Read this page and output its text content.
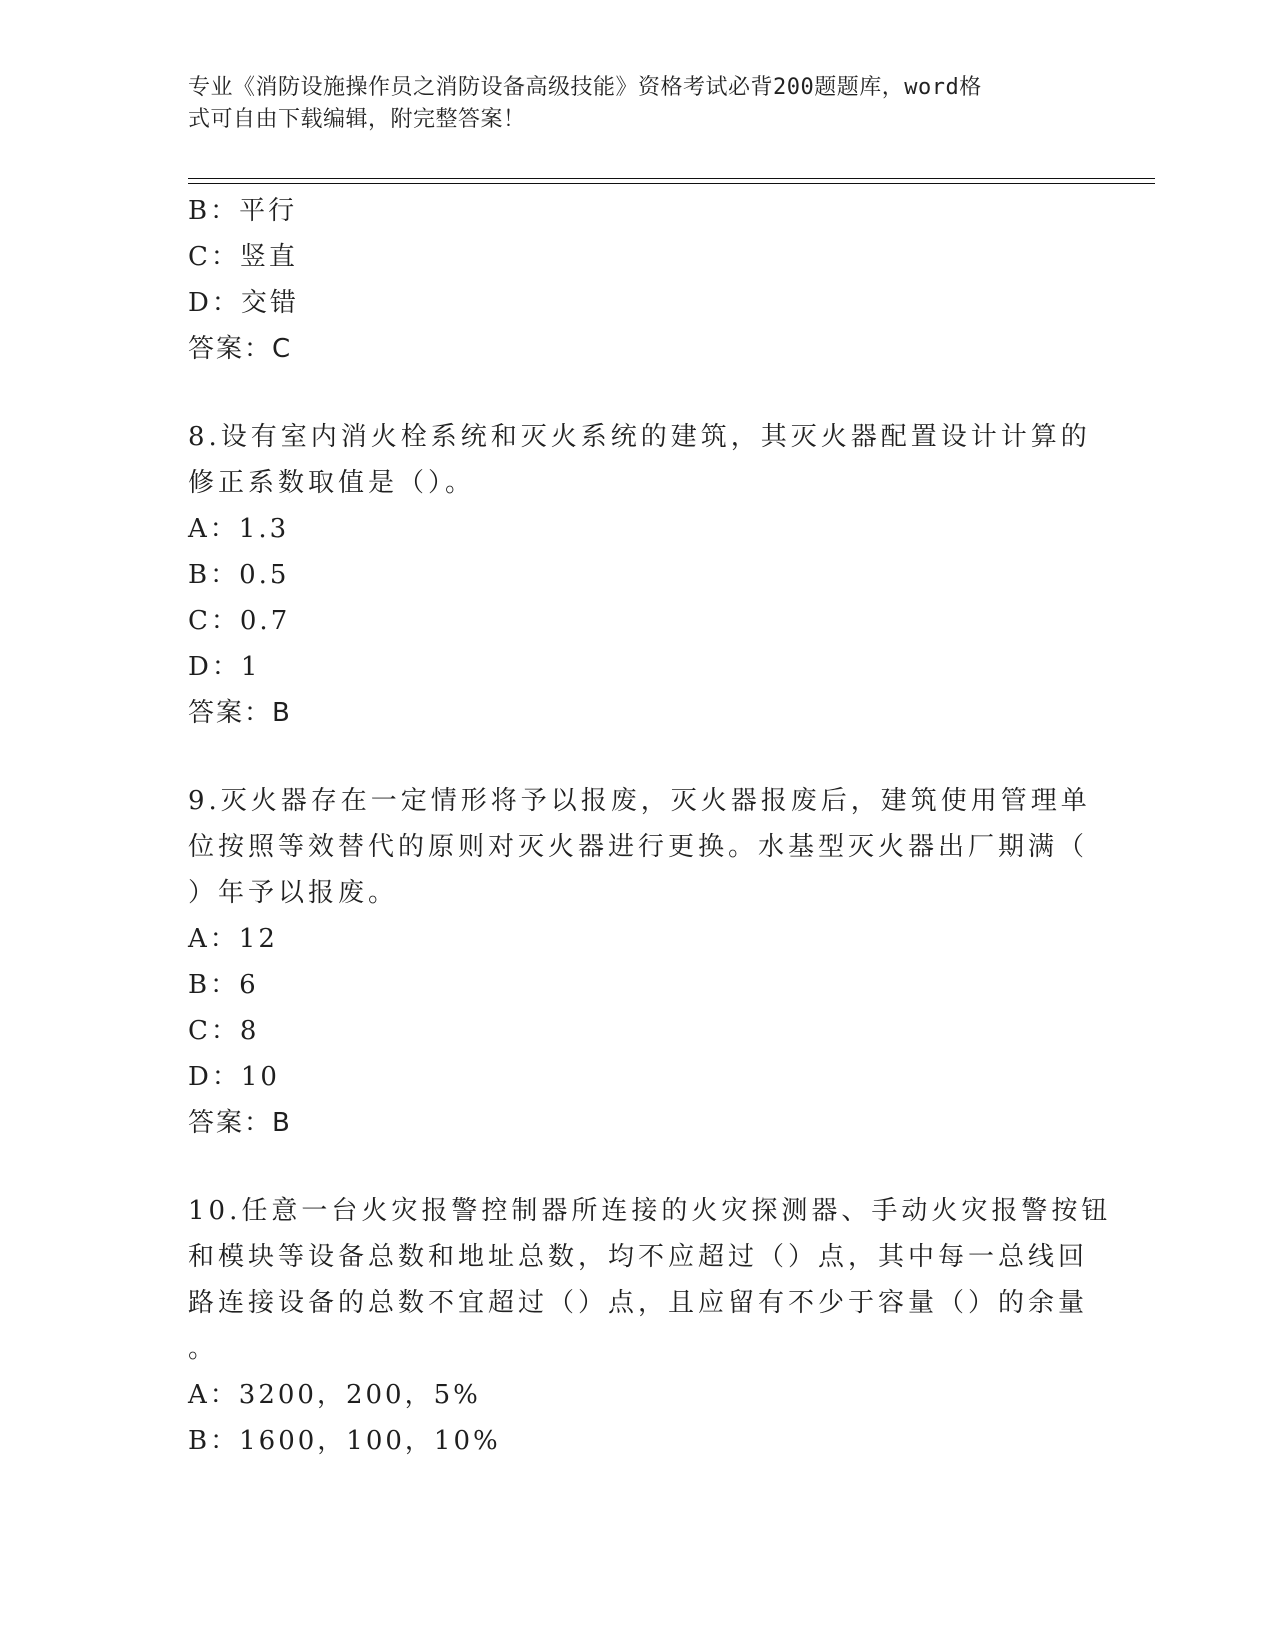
专业《消防设施操作员之消防设备高级技能》资格考试必背200题题库，word格
式可自由下载编辑，附完整答案！
B：平行
C：竖直
D：交错
答案：C
8.设有室内消火栓系统和灭火系统的建筑，其灭火器配置设计计算的
修正系数取值是（）。
A：1.3
B：0.5
C：0.7
D：1
答案：B
9.灭火器存在一定情形将予以报废，灭火器报废后，建筑使用管理单
位按照等效替代的原则对灭火器进行更换。水基型灭火器出厂期满（
）年予以报废。
A：12
B：6
C：8
D：10
答案：B
10.任意一台火灾报警控制器所连接的火灾探测器、手动火灾报警按钮
和模块等设备总数和地址总数，均不应超过（）点，其中每一总线回
路连接设备的总数不宜超过（）点，且应留有不少于容量（）的余量
。
A：3200，200，5%
B：1600，100，10%
